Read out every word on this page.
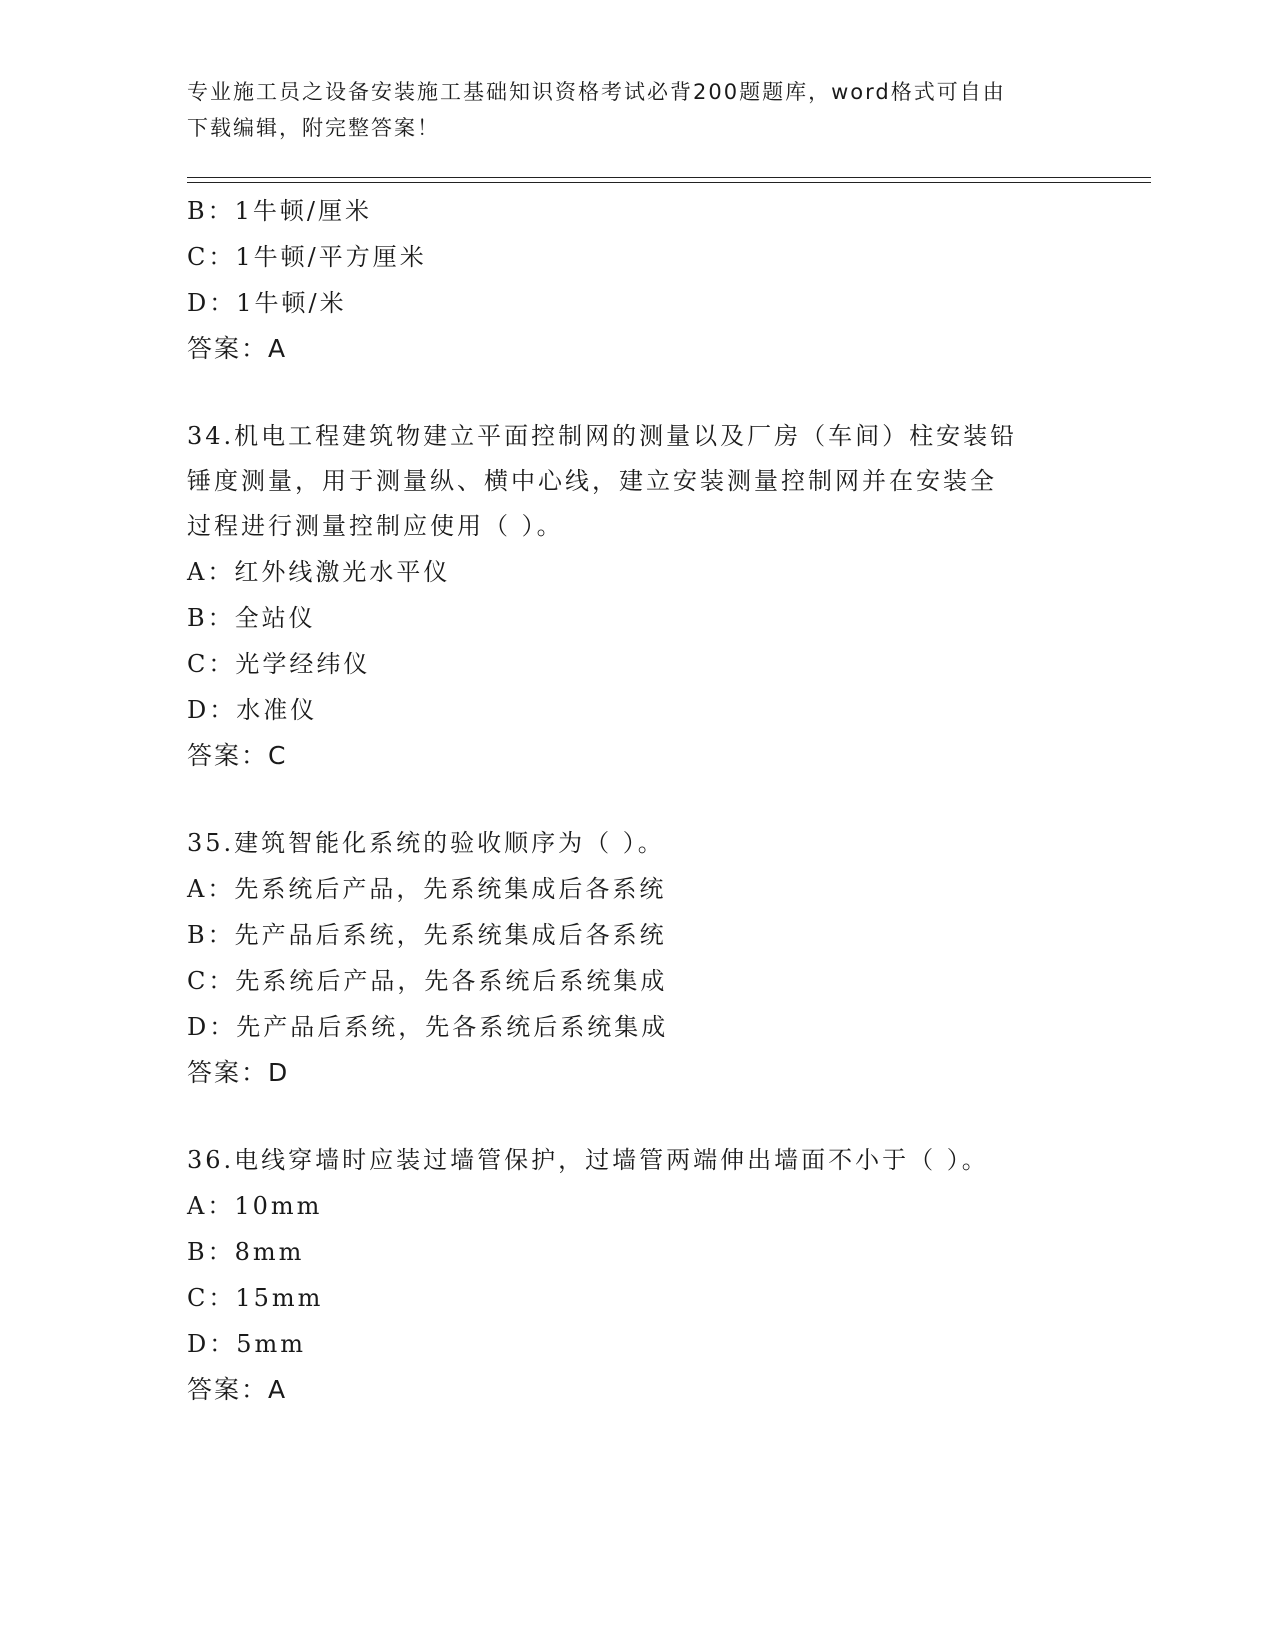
专业施工员之设备安装施工基础知识资格考试必背200题题库，word格式可自由
下载编辑，附完整答案！
B：1牛顿/厘米
C：1牛顿/平方厘米
D：1牛顿/米
答案：A
34.机电工程建筑物建立平面控制网的测量以及厂房（车间）柱安装铅
锤度测量，用于测量纵、横中心线，建立安装测量控制网并在安装全
过程进行测量控制应使用（ ）。
A：红外线激光水平仪
B：全站仪
C：光学经纬仪
D：水准仪
答案：C
35.建筑智能化系统的验收顺序为（ ）。
A：先系统后产品，先系统集成后各系统
B：先产品后系统，先系统集成后各系统
C：先系统后产品，先各系统后系统集成
D：先产品后系统，先各系统后系统集成
答案：D
36.电线穿墙时应装过墙管保护，过墙管两端伸出墙面不小于（ ）。
A：10mm
B：8mm
C：15mm
D：5mm
答案：A
